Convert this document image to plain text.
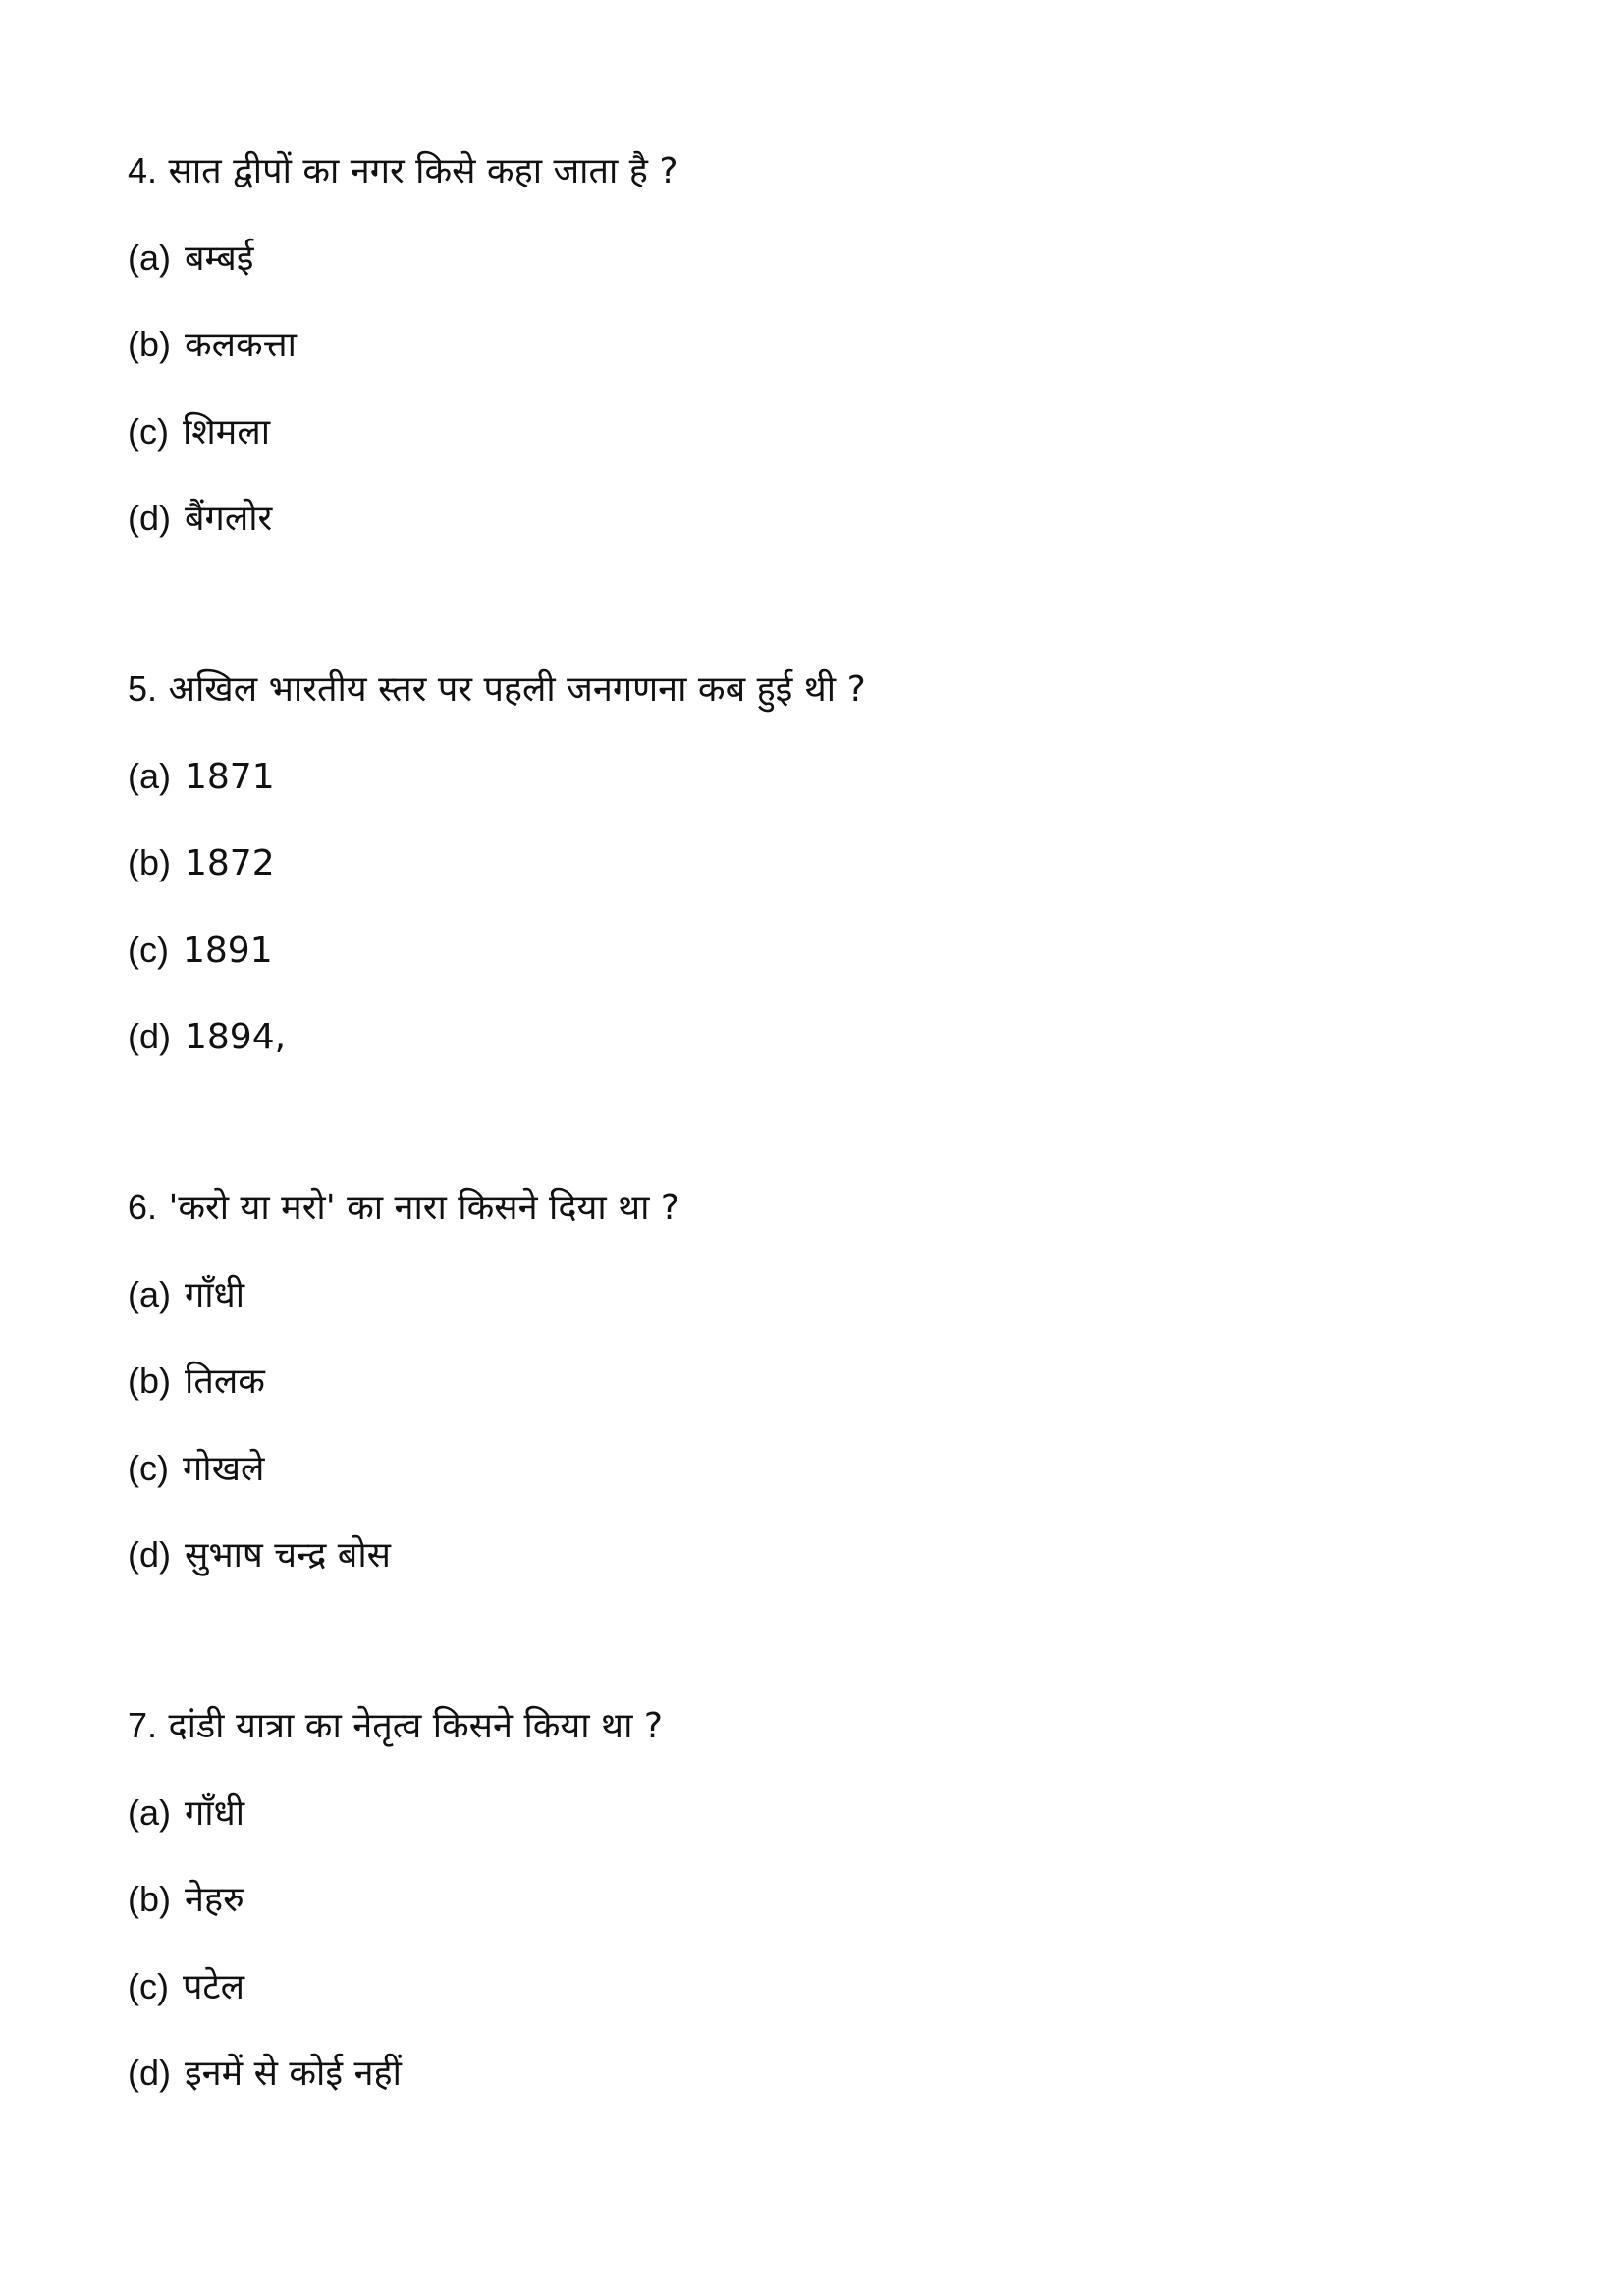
4. सात द्वीपों का नगर किसे कहा जाता है ?
(a) बम्बई
(b) कलकत्ता
(c) शिमला
(d) बैंगलोर
5. अखिल भारतीय स्तर पर पहली जनगणना कब हुई थी ?
(a) 1871
(b) 1872
(c) 1891
(d) 1894,
6. 'करो या मरो' का नारा किसने दिया था ?
(a) गाँधी
(b) तिलक
(c) गोखले
(d) सुभाष चन्द्र बोस
7. दांडी यात्रा का नेतृत्व किसने किया था ?
(a) गाँधी
(b) नेहरु
(c) पटेल
(d) इनमें से कोई नहीं
